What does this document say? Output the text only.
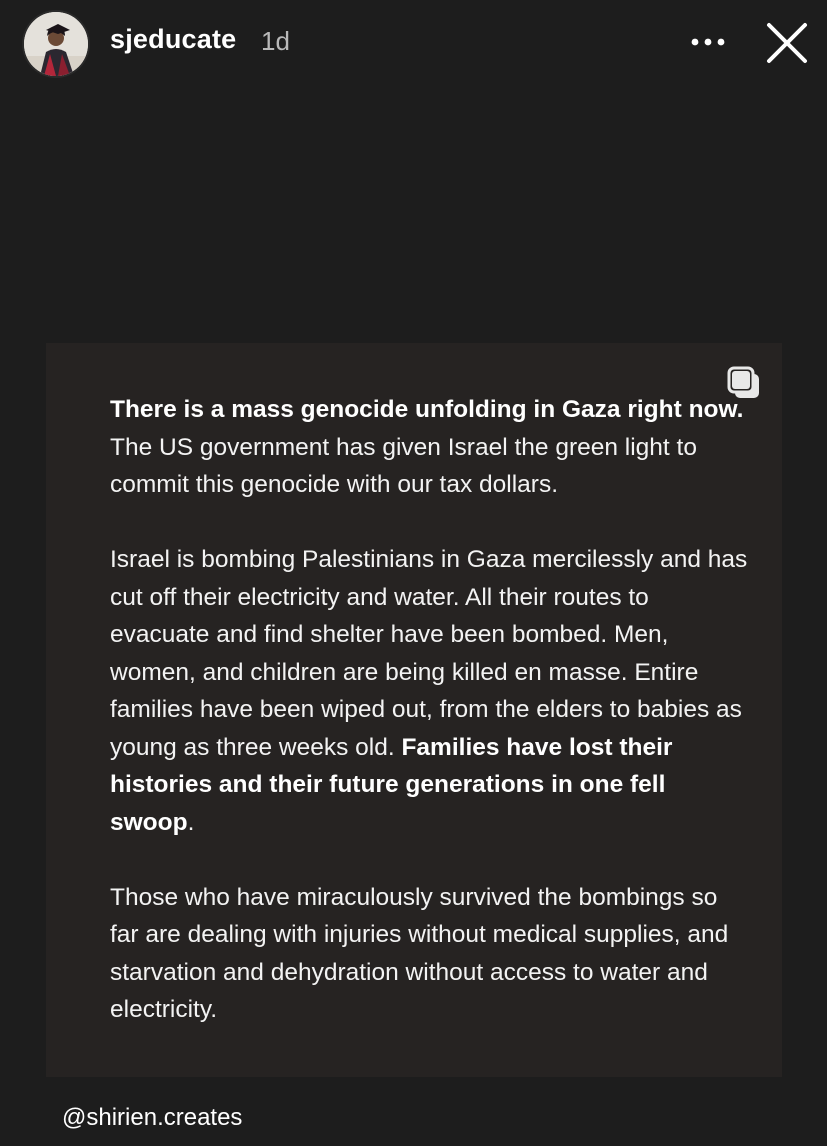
sjeducate 1d

There is a mass genocide unfolding in Gaza right now. The US government has given Israel the green light to commit this genocide with our tax dollars.

Israel is bombing Palestinians in Gaza mercilessly and has cut off their electricity and water. All their routes to evacuate and find shelter have been bombed. Men, women, and children are being killed en masse. Entire families have been wiped out, from the elders to babies as young as three weeks old. Families have lost their histories and their future generations in one fell swoop.

Those who have miraculously survived the bombings so far are dealing with injuries without medical supplies, and starvation and dehydration without access to water and electricity.

@shirien.creates
